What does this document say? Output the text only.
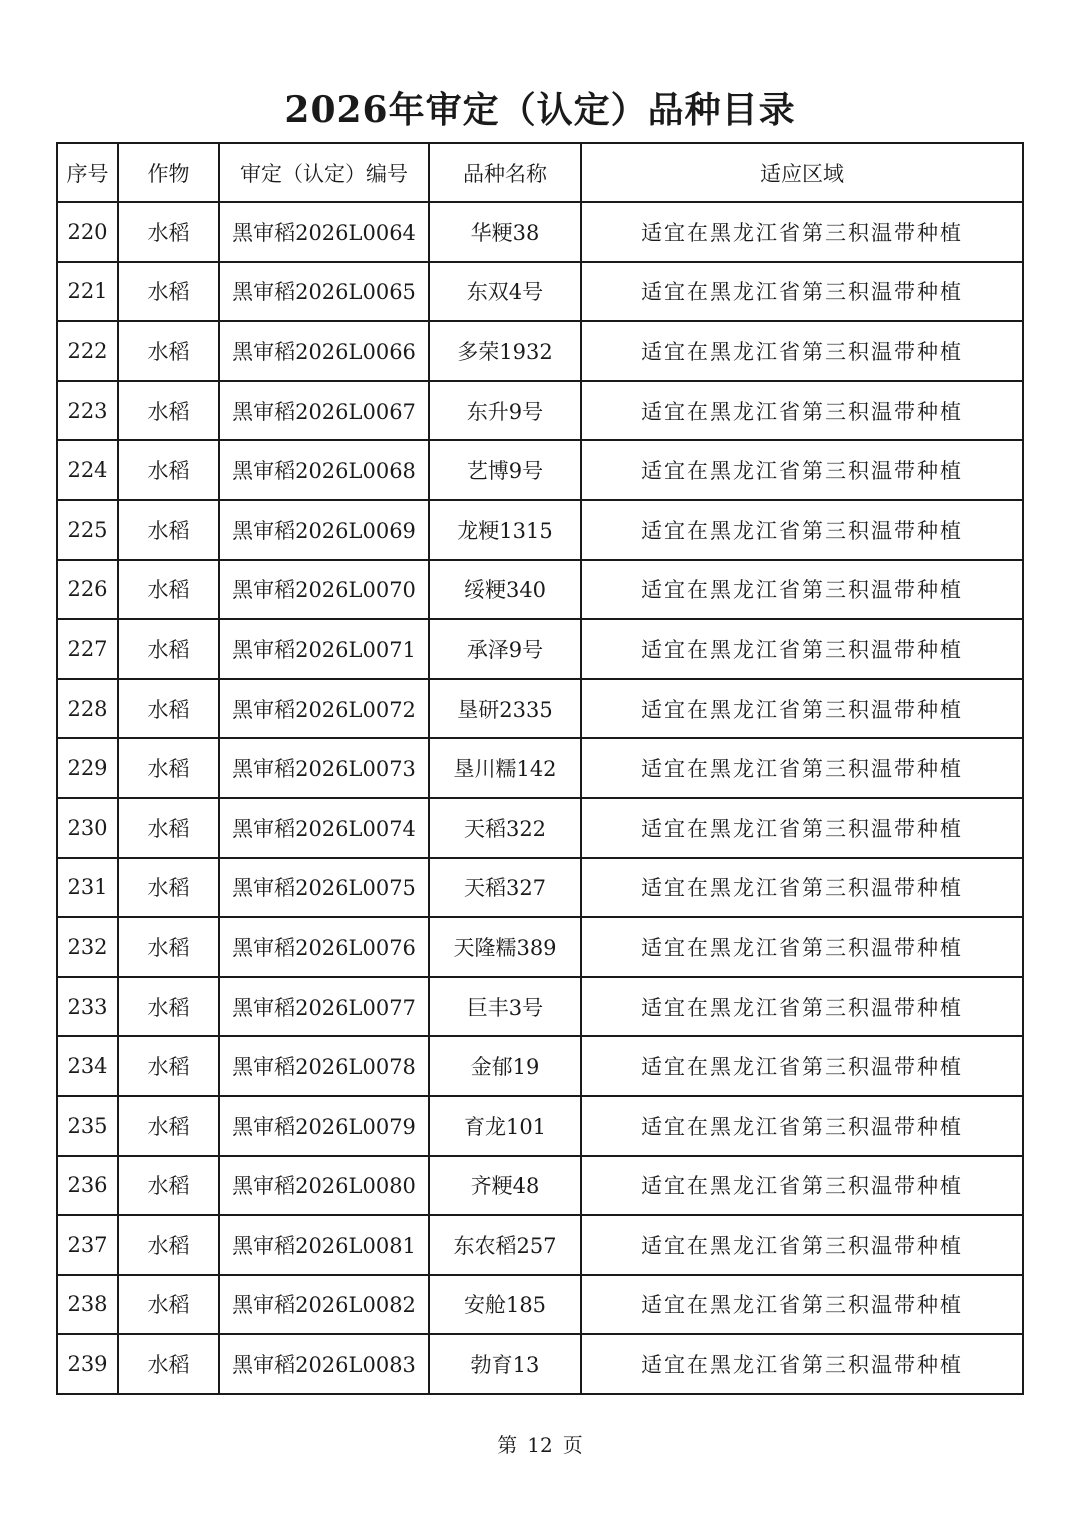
2026年审定（认定）品种目录
序号	作物	审定（认定）编号	品种名称	适应区域
220	水稻	黑审稻2026L0064	华粳38	适宜在黑龙江省第三积温带种植
221	水稻	黑审稻2026L0065	东双4号	适宜在黑龙江省第三积温带种植
222	水稻	黑审稻2026L0066	多荣1932	适宜在黑龙江省第三积温带种植
223	水稻	黑审稻2026L0067	东升9号	适宜在黑龙江省第三积温带种植
224	水稻	黑审稻2026L0068	艺博9号	适宜在黑龙江省第三积温带种植
225	水稻	黑审稻2026L0069	龙粳1315	适宜在黑龙江省第三积温带种植
226	水稻	黑审稻2026L0070	绥粳340	适宜在黑龙江省第三积温带种植
227	水稻	黑审稻2026L0071	承泽9号	适宜在黑龙江省第三积温带种植
228	水稻	黑审稻2026L0072	垦研2335	适宜在黑龙江省第三积温带种植
229	水稻	黑审稻2026L0073	垦川糯142	适宜在黑龙江省第三积温带种植
230	水稻	黑审稻2026L0074	天稻322	适宜在黑龙江省第三积温带种植
231	水稻	黑审稻2026L0075	天稻327	适宜在黑龙江省第三积温带种植
232	水稻	黑审稻2026L0076	天隆糯389	适宜在黑龙江省第三积温带种植
233	水稻	黑审稻2026L0077	巨丰3号	适宜在黑龙江省第三积温带种植
234	水稻	黑审稻2026L0078	金郁19	适宜在黑龙江省第三积温带种植
235	水稻	黑审稻2026L0079	育龙101	适宜在黑龙江省第三积温带种植
236	水稻	黑审稻2026L0080	齐粳48	适宜在黑龙江省第三积温带种植
237	水稻	黑审稻2026L0081	东农稻257	适宜在黑龙江省第三积温带种植
238	水稻	黑审稻2026L0082	安舱185	适宜在黑龙江省第三积温带种植
239	水稻	黑审稻2026L0083	勃育13	适宜在黑龙江省第三积温带种植
第 12 页
